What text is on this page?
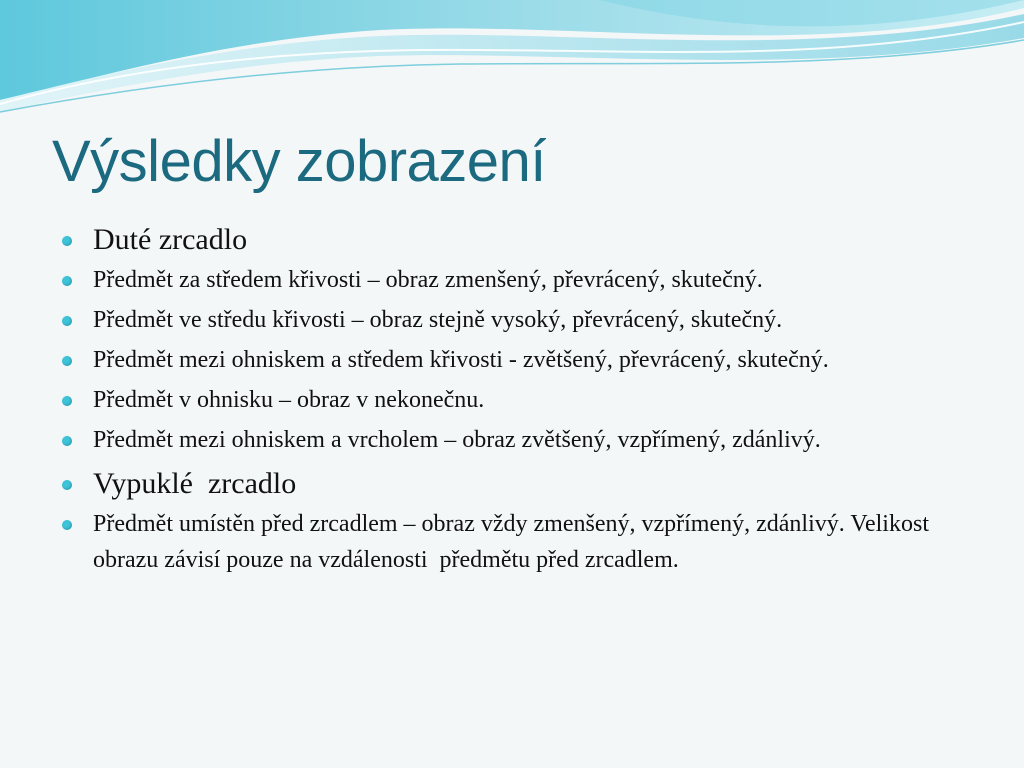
Výsledky zobrazení
Duté zrcadlo
Předmět za středem křivosti – obraz zmenšený, převrácený, skutečný.
Předmět ve středu křivosti – obraz stejně vysoký, převrácený, skutečný.
Předmět mezi ohniskem a středem křivosti - zvětšený, převrácený, skutečný.
Předmět v ohnisku – obraz v nekonečnu.
Předmět mezi ohniskem a vrcholem – obraz zvětšený, vzpřímený, zdánlivý.
Vypuklé  zrcadlo
Předmět umístěn před zrcadlem – obraz vždy zmenšený, vzpřímený, zdánlivý. Velikost obrazu závisí pouze na vzdálenosti  předmětu před zrcadlem.
